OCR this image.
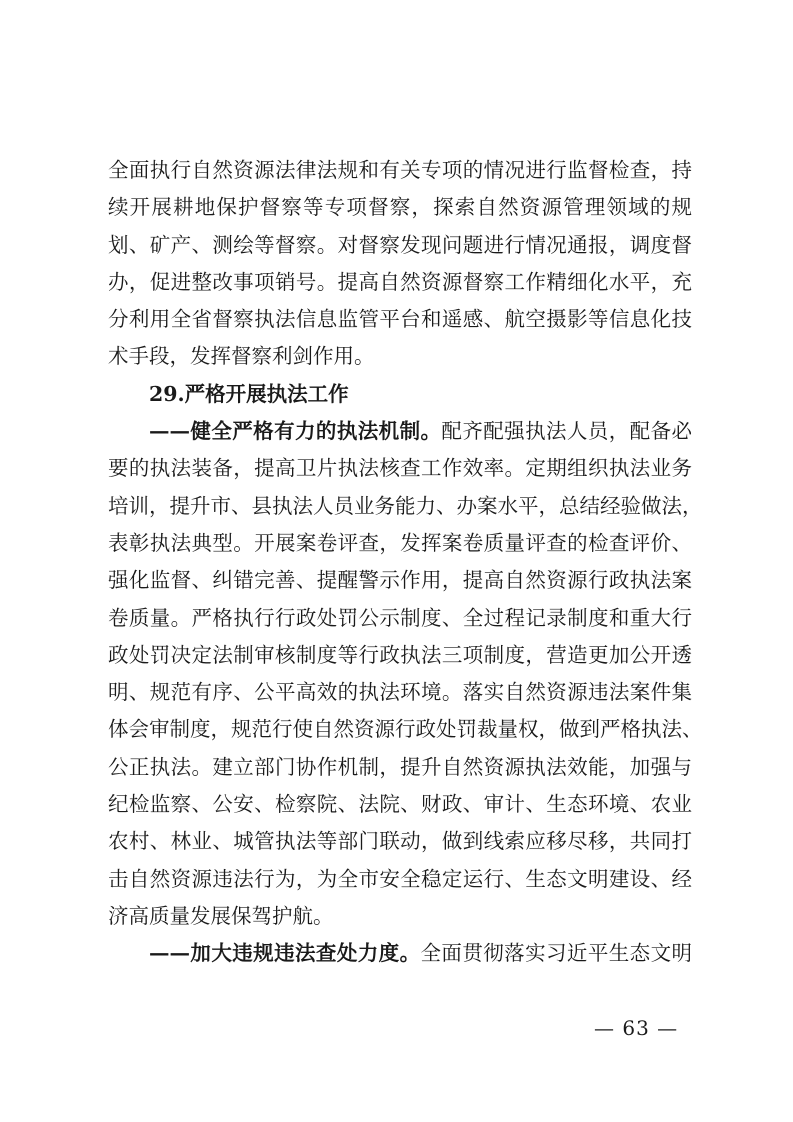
全面执行自然资源法律法规和有关专项的情况进行监督检查，持
续开展耕地保护督察等专项督察，探索自然资源管理领域的规
划、矿产、测绘等督察。对督察发现问题进行情况通报，调度督
办，促进整改事项销号。提高自然资源督察工作精细化水平，充
分利用全省督察执法信息监管平台和遥感、航空摄影等信息化技
术手段，发挥督察利剑作用。
29.严格开展执法工作
——健全严格有力的执法机制。配齐配强执法人员，配备必
要的执法装备，提高卫片执法核查工作效率。定期组织执法业务
培训，提升市、县执法人员业务能力、办案水平，总结经验做法，
表彰执法典型。开展案卷评查，发挥案卷质量评查的检查评价、
强化监督、纠错完善、提醒警示作用，提高自然资源行政执法案
卷质量。严格执行行政处罚公示制度、全过程记录制度和重大行
政处罚决定法制审核制度等行政执法三项制度，营造更加公开透
明、规范有序、公平高效的执法环境。落实自然资源违法案件集
体会审制度，规范行使自然资源行政处罚裁量权，做到严格执法、
公正执法。建立部门协作机制，提升自然资源执法效能，加强与
纪检监察、公安、检察院、法院、财政、审计、生态环境、农业
农村、林业、城管执法等部门联动，做到线索应移尽移，共同打
击自然资源违法行为，为全市安全稳定运行、生态文明建设、经
济高质量发展保驾护航。
——加大违规违法查处力度。全面贯彻落实习近平生态文明
— 63 —
